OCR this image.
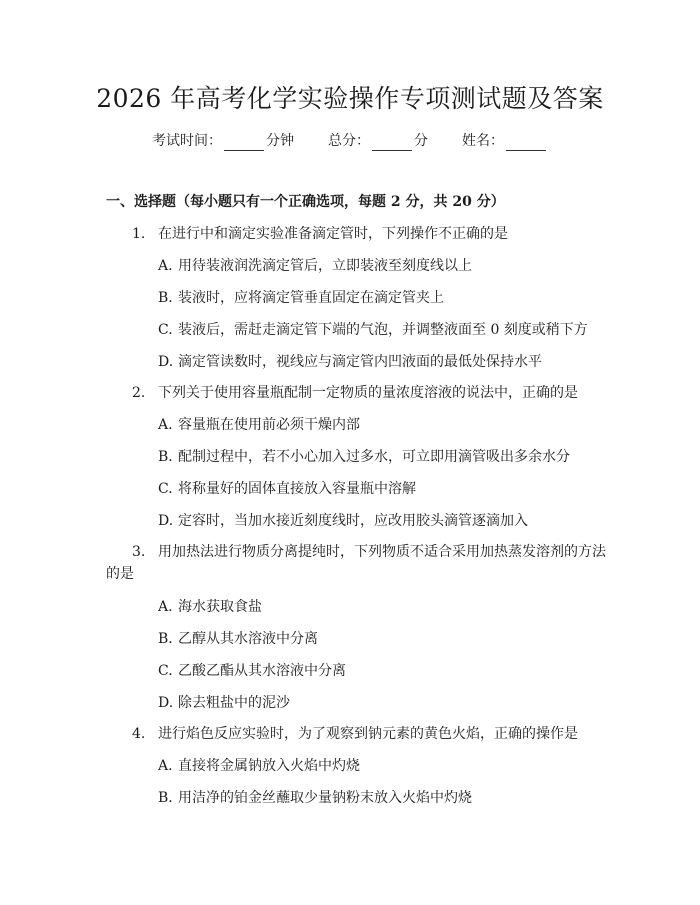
2026 年高考化学实验操作专项测试题及答案
考试时间：	分钟 总分：	分 姓名：
一、选择题（每小题只有一个正确选项，每题 2 分，共 20 分）
1. 在进行中和滴定实验准备滴定管时，下列操作不正确的是
A. 用待装液润洗滴定管后，立即装液至刻度线以上
B. 装液时，应将滴定管垂直固定在滴定管夹上
C. 装液后，需赶走滴定管下端的气泡，并调整液面至 0 刻度或稍下方
D. 滴定管读数时，视线应与滴定管内凹液面的最低处保持水平
2. 下列关于使用容量瓶配制一定物质的量浓度溶液的说法中，正确的是
A. 容量瓶在使用前必须干燥内部
B. 配制过程中，若不小心加入过多水，可立即用滴管吸出多余水分
C. 将称量好的固体直接放入容量瓶中溶解
D. 定容时，当加水接近刻度线时，应改用胶头滴管逐滴加入
3. 用加热法进行物质分离提纯时，下列物质不适合采用加热蒸发溶剂的方法
的是
A. 海水获取食盐
B. 乙醇从其水溶液中分离
C. 乙酸乙酯从其水溶液中分离
D. 除去粗盐中的泥沙
4. 进行焰色反应实验时，为了观察到钠元素的黄色火焰，正确的操作是
A. 直接将金属钠放入火焰中灼烧
B. 用洁净的铂金丝蘸取少量钠粉末放入火焰中灼烧
